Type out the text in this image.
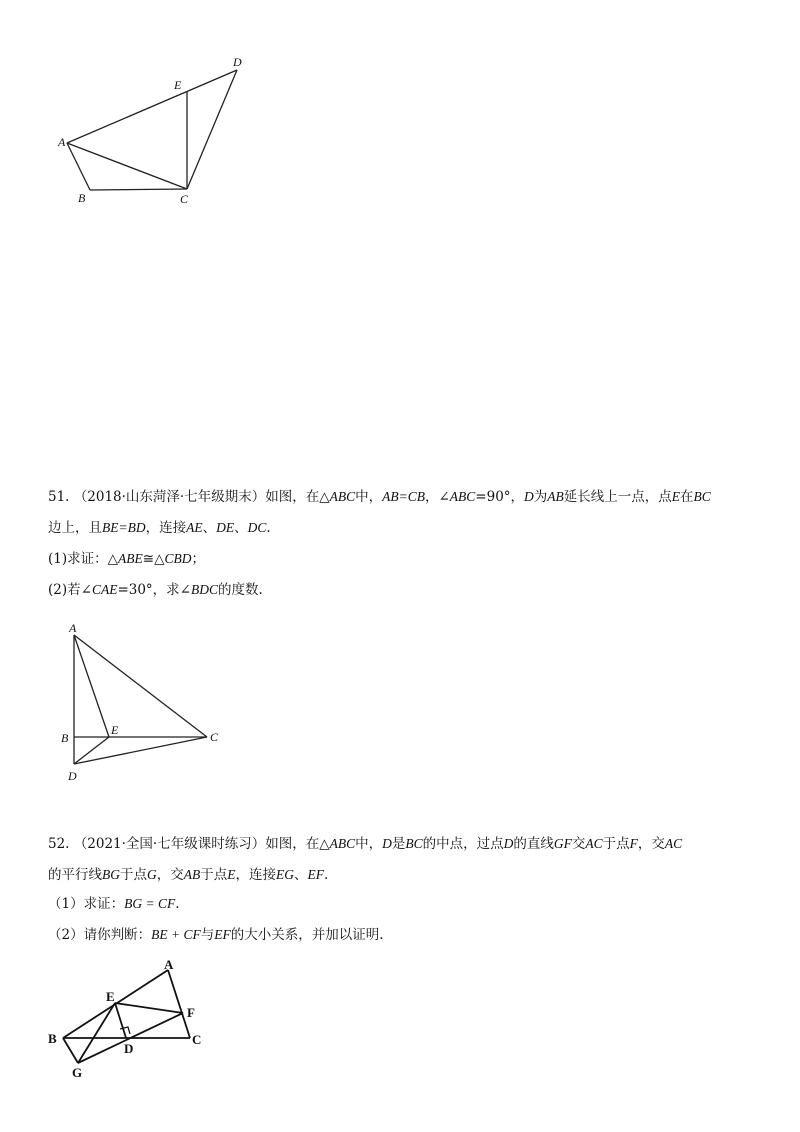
D
E
A
B	C
51. （2018·山东菏泽·七年级期末）如图，在△ABC中，AB=CB，∠ABC=90°，D为AB延长线上一点，点E在BC
边上，且BE=BD，连接AE、DE、DC.
(1)求证：△ABE≅△CBD；
(2)若∠CAE=30°，求∠BDC的度数.
A
B
E	C
D
52. （2021·全国·七年级课时练习）如图，在△ABC中，D是BC的中点，过点D的直线GF交AC于点F，交AC
的平行线BG于点G，交AB于点E，连接EG、EF.
（1）求证：BG = CF.
（2）请你判断：BE + CF与EF的大小关系，并加以证明.
A
E
F
B
D
C
G
